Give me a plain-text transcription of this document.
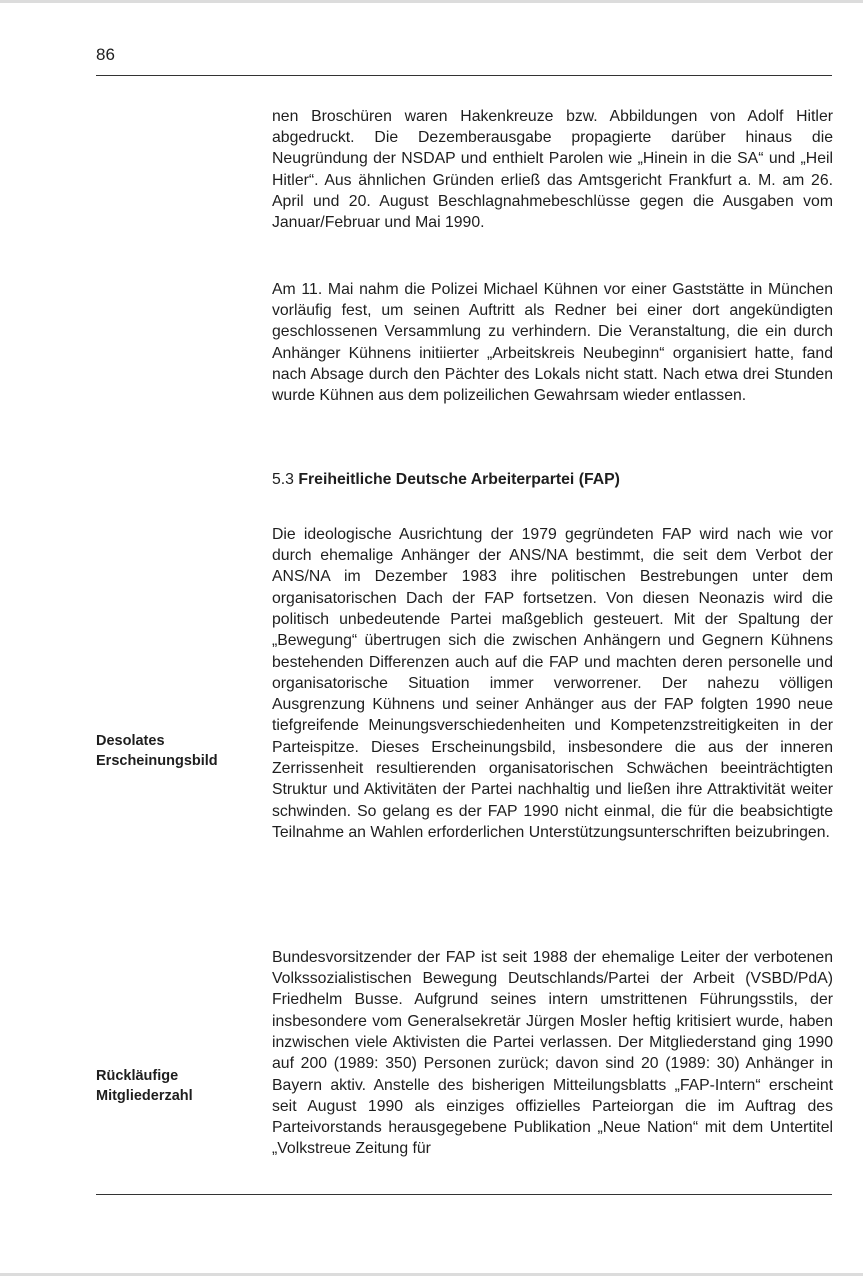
86

nen Broschüren waren Hakenkreuze bzw. Abbildungen von Adolf Hitler abgedruckt. Die Dezemberausgabe propagierte darüber hinaus die Neugründung der NSDAP und enthielt Parolen wie „Hinein in die SA“ und „Heil Hitler“. Aus ähnlichen Gründen erließ das Amtsgericht Frankfurt a. M. am 26. April und 20. August Beschlagnahmebeschlüsse gegen die Ausgaben vom Januar/Februar und Mai 1990.

Am 11. Mai nahm die Polizei Michael Kühnen vor einer Gaststätte in München vorläufig fest, um seinen Auftritt als Redner bei einer dort angekündigten geschlossenen Versammlung zu verhindern. Die Veranstaltung, die ein durch Anhänger Kühnens initiierter „Arbeitskreis Neubeginn“ organisiert hatte, fand nach Absage durch den Pächter des Lokals nicht statt. Nach etwa drei Stunden wurde Kühnen aus dem polizeilichen Gewahrsam wieder entlassen.

5.3 Freiheitliche Deutsche Arbeiterpartei (FAP)

Die ideologische Ausrichtung der 1979 gegründeten FAP wird nach wie vor durch ehemalige Anhänger der ANS/NA bestimmt, die seit dem Verbot der ANS/NA im Dezember 1983 ihre politischen Bestrebungen unter dem organisatorischen Dach der FAP fortsetzen. Von diesen Neonazis wird die politisch unbedeutende Partei maßgeblich gesteuert. Mit der Spaltung der „Bewegung“ übertrugen sich die zwischen Anhängern und Gegnern Kühnens bestehenden Differenzen auch auf die FAP und machten deren personelle und organisatorische Situation immer verworrener. Der nahezu völligen Ausgrenzung Kühnens und seiner Anhänger aus der FAP folgten 1990 neue tiefgreifende Meinungsverschiedenheiten und Kompetenzstreitigkeiten in der Parteispitze. Dieses Erscheinungsbild, insbesondere die aus der inneren Zerrissenheit resultierenden organisatorischen Schwächen beeinträchtigten Struktur und Aktivitäten der Partei nachhaltig und ließen ihre Attraktivität weiter schwinden. So gelang es der FAP 1990 nicht einmal, die für die beabsichtigte Teilnahme an Wahlen erforderlichen Unterstützungsunterschriften beizubringen.

Desolates
Erscheinungsbild

Bundesvorsitzender der FAP ist seit 1988 der ehemalige Leiter der verbotenen Volkssozialistischen Bewegung Deutschlands/Partei der Arbeit (VSBD/PdA) Friedhelm Busse. Aufgrund seines intern umstrittenen Führungsstils, der insbesondere vom Generalsekretär Jürgen Mosler heftig kritisiert wurde, haben inzwischen viele Aktivisten die Partei verlassen. Der Mitgliederstand ging 1990 auf 200 (1989: 350) Personen zurück; davon sind 20 (1989: 30) Anhänger in Bayern aktiv. Anstelle des bisherigen Mitteilungsblatts „FAP-Intern“ erscheint seit August 1990 als einziges offizielles Parteiorgan die im Auftrag des Parteivorstands herausgegebene Publikation „Neue Nation“ mit dem Untertitel „Volkstreue Zeitung für

Rückläufige
Mitgliederzahl
